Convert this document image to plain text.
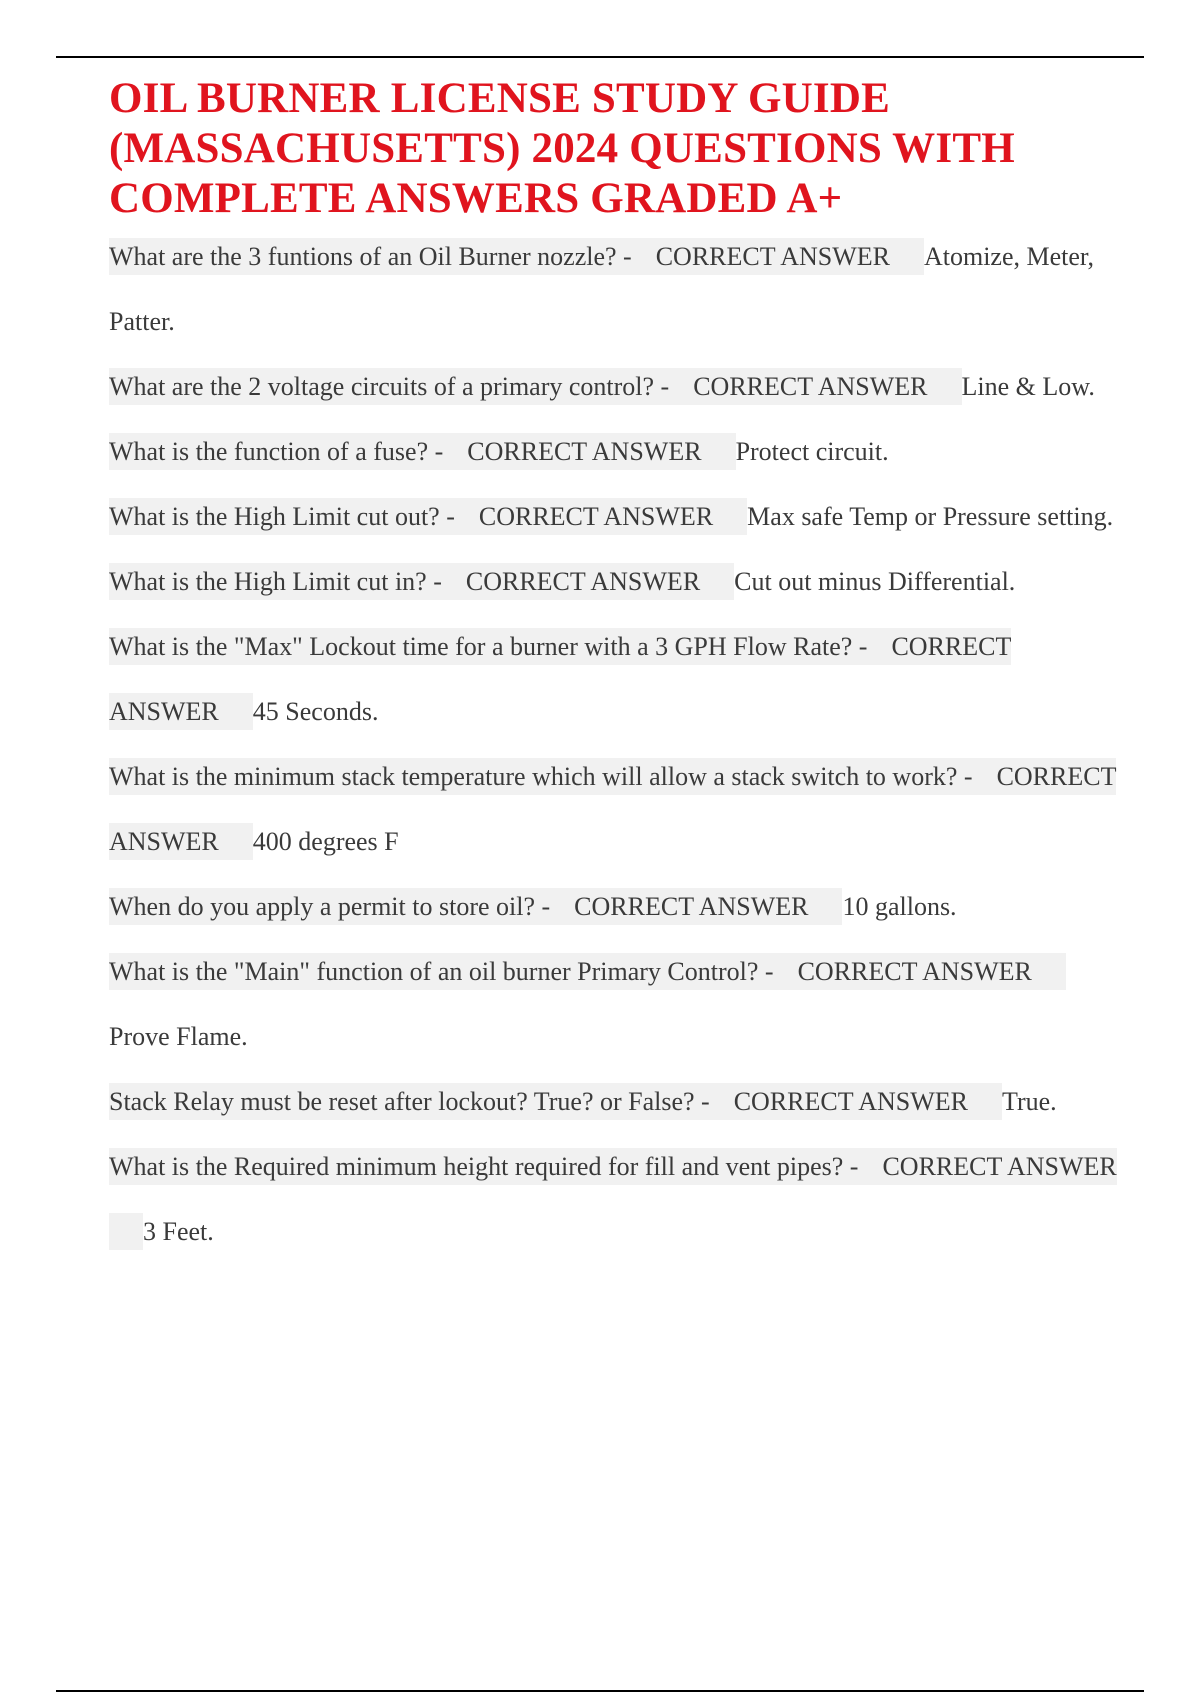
OIL BURNER LICENSE STUDY GUIDE (MASSACHUSETTS) 2024 QUESTIONS WITH COMPLETE ANSWERS GRADED A+
What are the 3 funtions of an Oil Burner nozzle? - CORRECT ANSWER Atomize, Meter, Patter.
What are the 2 voltage circuits of a primary control? - CORRECT ANSWER Line & Low.
What is the function of a fuse? - CORRECT ANSWER Protect circuit.
What is the High Limit cut out? - CORRECT ANSWER Max safe Temp or Pressure setting.
What is the High Limit cut in? - CORRECT ANSWER Cut out minus Differential.
What is the "Max" Lockout time for a burner with a 3 GPH Flow Rate? - CORRECT ANSWER 45 Seconds.
What is the minimum stack temperature which will allow a stack switch to work? - CORRECT ANSWER 400 degrees F
When do you apply a permit to store oil? - CORRECT ANSWER 10 gallons.
What is the "Main" function of an oil burner Primary Control? - CORRECT ANSWERProve Flame.
Stack Relay must be reset after lockout? True? or False? - CORRECT ANSWER True.
What is the Required minimum height required for fill and vent pipes? - CORRECT ANSWER3 Feet.
